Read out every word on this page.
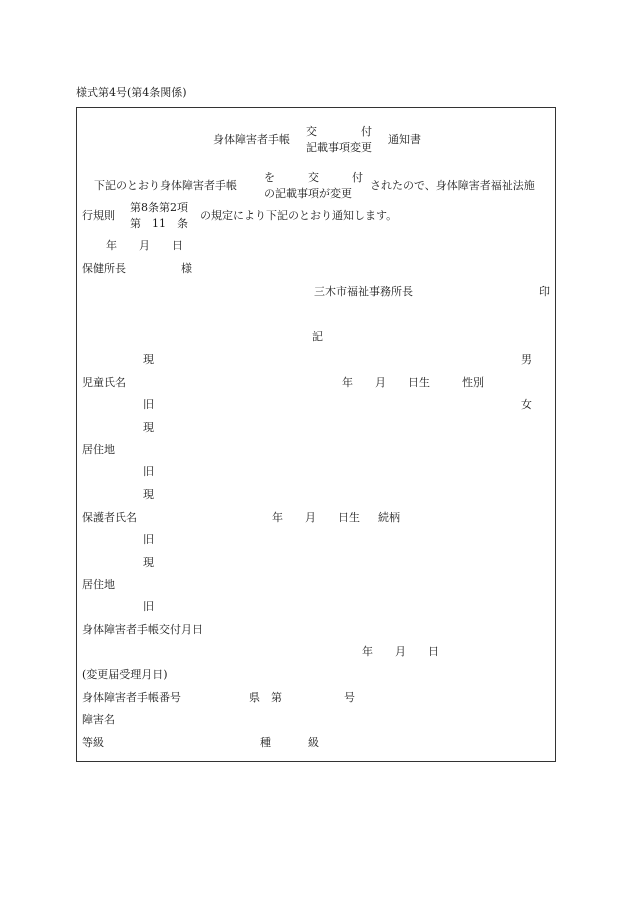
様式第4号(第4条関係)
身体障害者手帳
交　　　　付
記載事項変更
通知書
下記のとおり身体障害者手帳
を　　　交　　　付
の記載事項が変更
されたので、身体障害者福祉法施
行規則
第8条第2項
第　11　条
の規定により下記のとおり通知します。
年　　月　　日
保健所長　　　　　様
三木市福祉事務所長	印
記
現	男
児童氏名	年　　月　　日生	性別
旧	女
現
居住地
旧
現
保護者氏名	年　　月　　日生 続柄
旧
現
居住地
旧
身体障害者手帳交付月日
年　　月　　日
(変更届受理月日)
身体障害者手帳番号	県　第	号
障害名
等級	種	級
